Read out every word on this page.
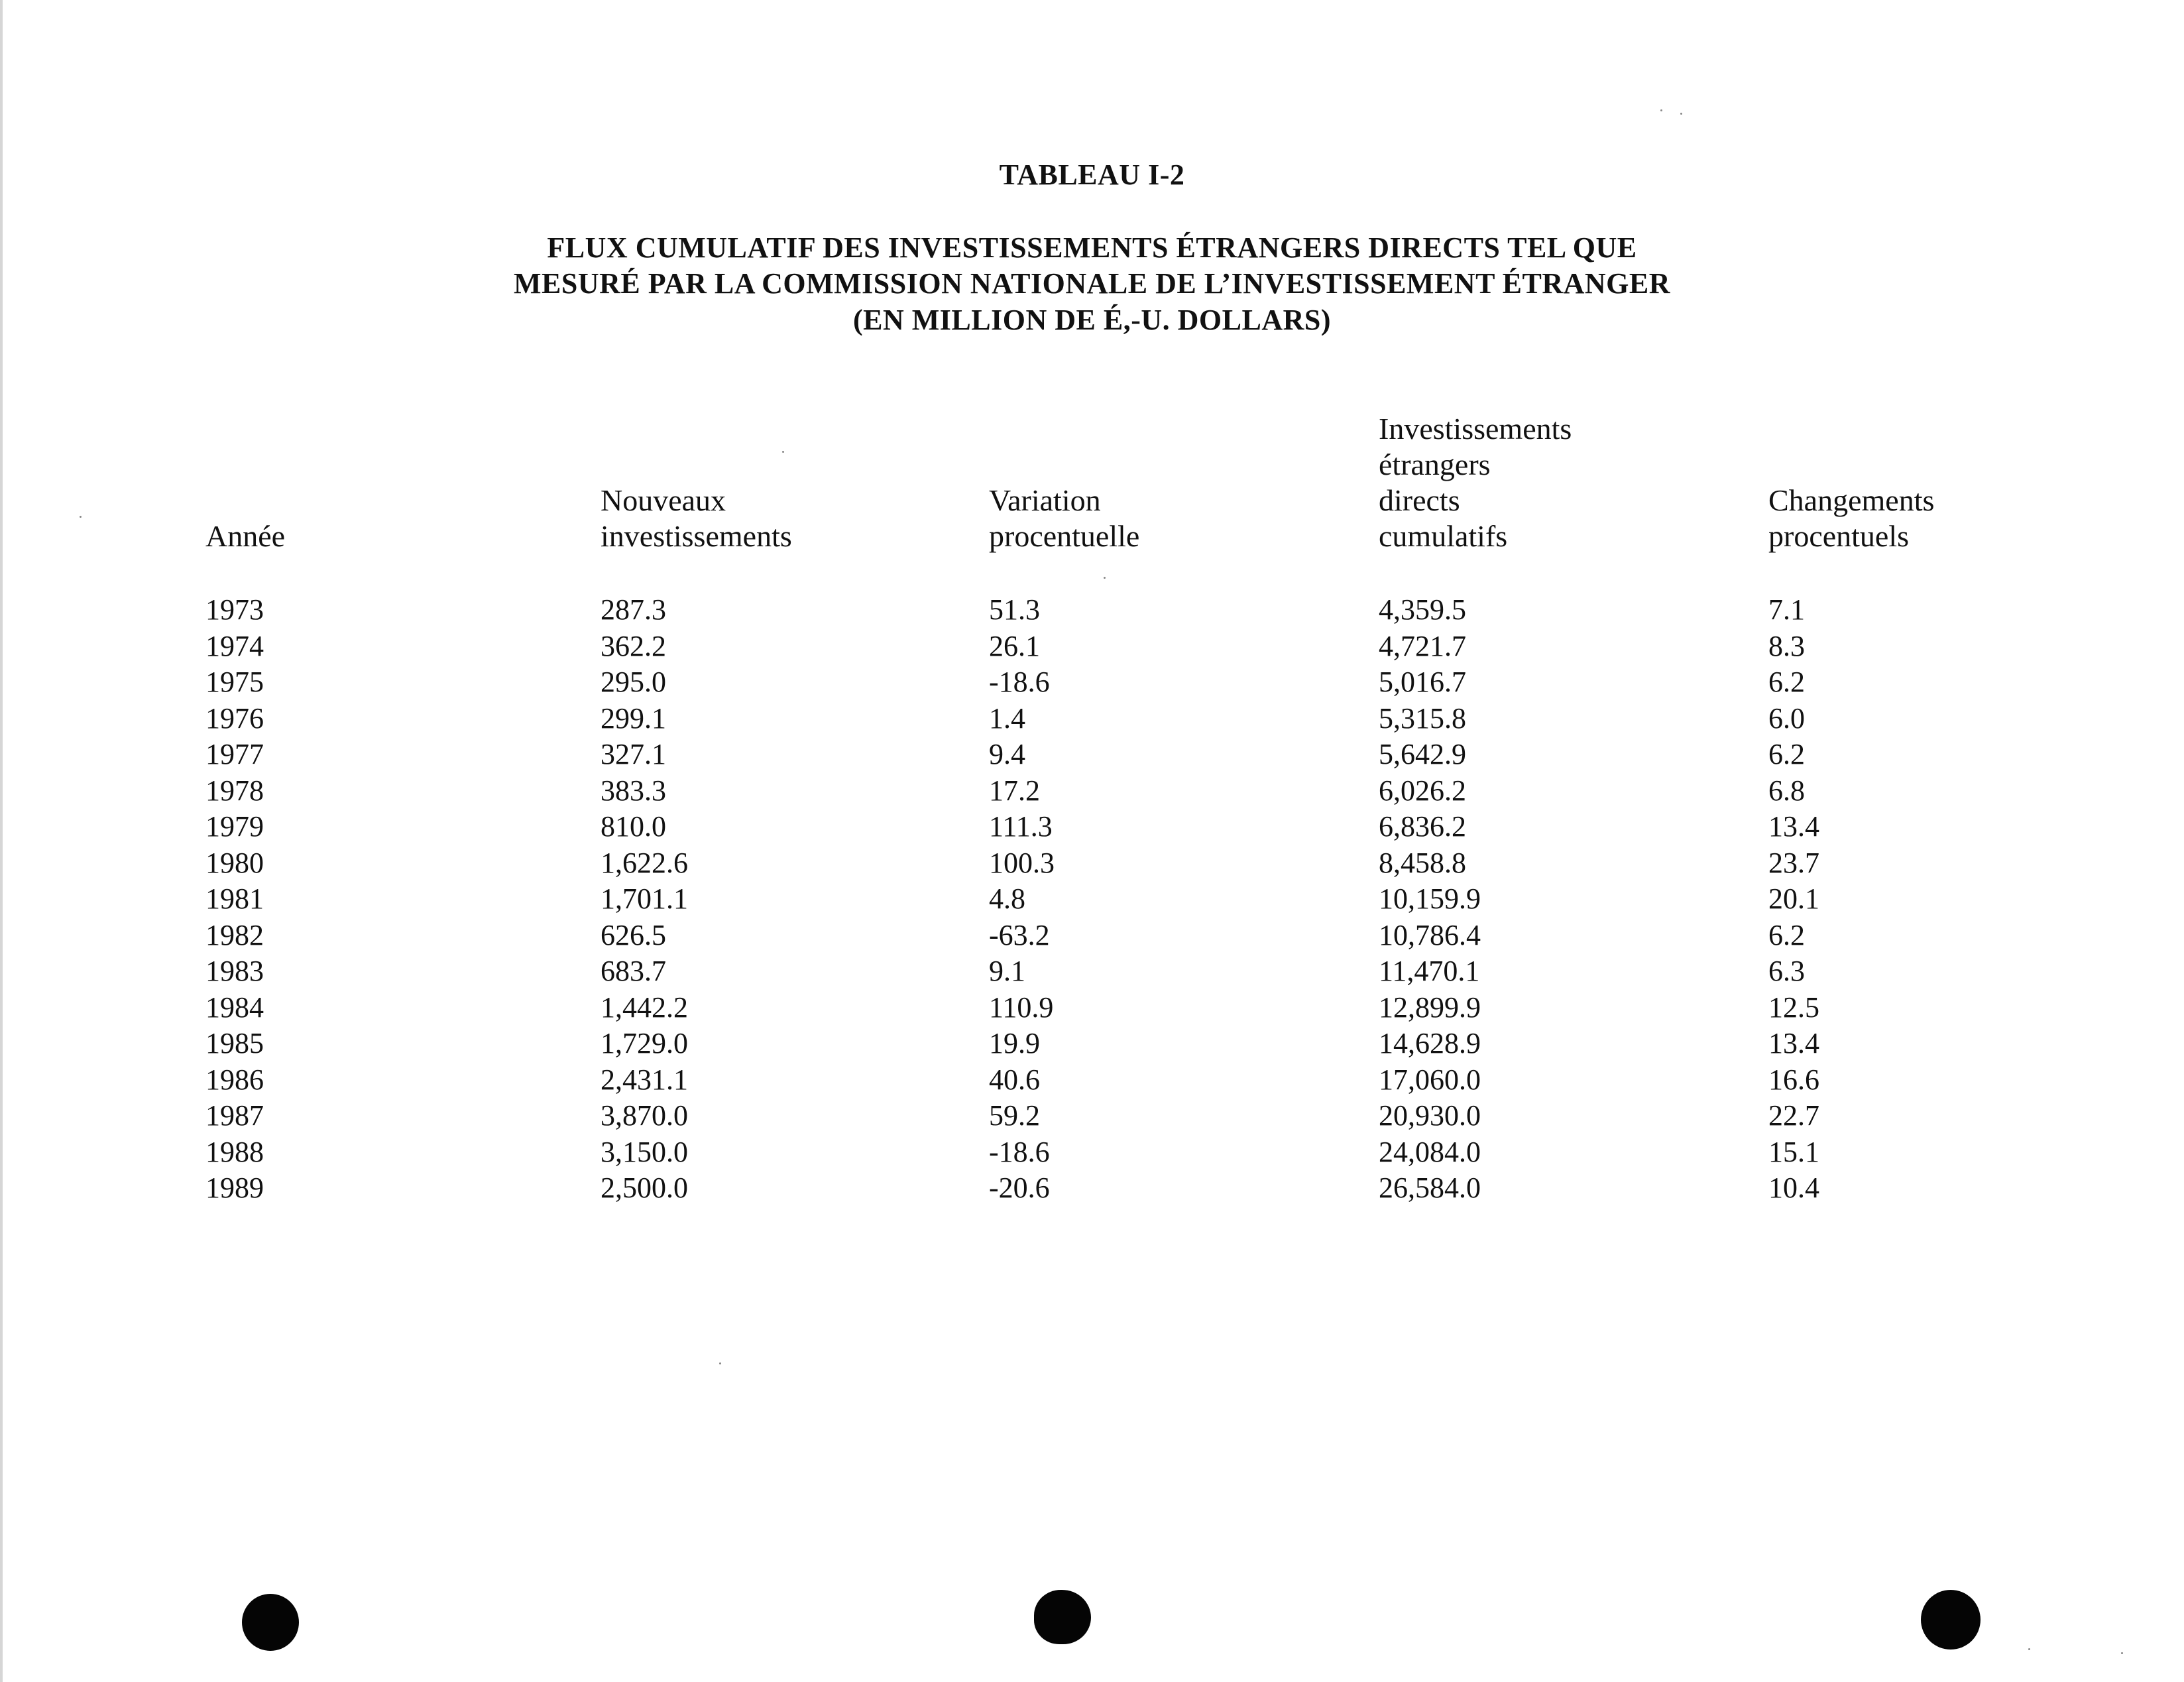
TABLEAU I-2
FLUX CUMULATIF DES INVESTISSEMENTS ÉTRANGERS DIRECTS TEL QUE
MESURÉ PAR LA COMMISSION NATIONALE DE L’INVESTISSEMENT ÉTRANGER
(EN MILLION DE É,-U. DOLLARS)
Année
Nouveaux
investissements
Variation
procentuelle
Investissements
étrangers
directs
cumulatifs
Changements
procentuels
1973
1974
1975
1976
1977
1978
1979
1980
1981
1982
1983
1984
1985
1986
1987
1988
1989
287.3
362.2
295.0
299.1
327.1
383.3
810.0
1,622.6
1,701.1
626.5
683.7
1,442.2
1,729.0
2,431.1
3,870.0
3,150.0
2,500.0
51.3
26.1
-18.6
1.4
9.4
17.2
111.3
100.3
4.8
-63.2
9.1
110.9
19.9
40.6
59.2
-18.6
-20.6
4,359.5
4,721.7
5,016.7
5,315.8
5,642.9
6,026.2
6,836.2
8,458.8
10,159.9
10,786.4
11,470.1
12,899.9
14,628.9
17,060.0
20,930.0
24,084.0
26,584.0
7.1
8.3
6.2
6.0
6.2
6.8
13.4
23.7
20.1
6.2
6.3
12.5
13.4
16.6
22.7
15.1
10.4
